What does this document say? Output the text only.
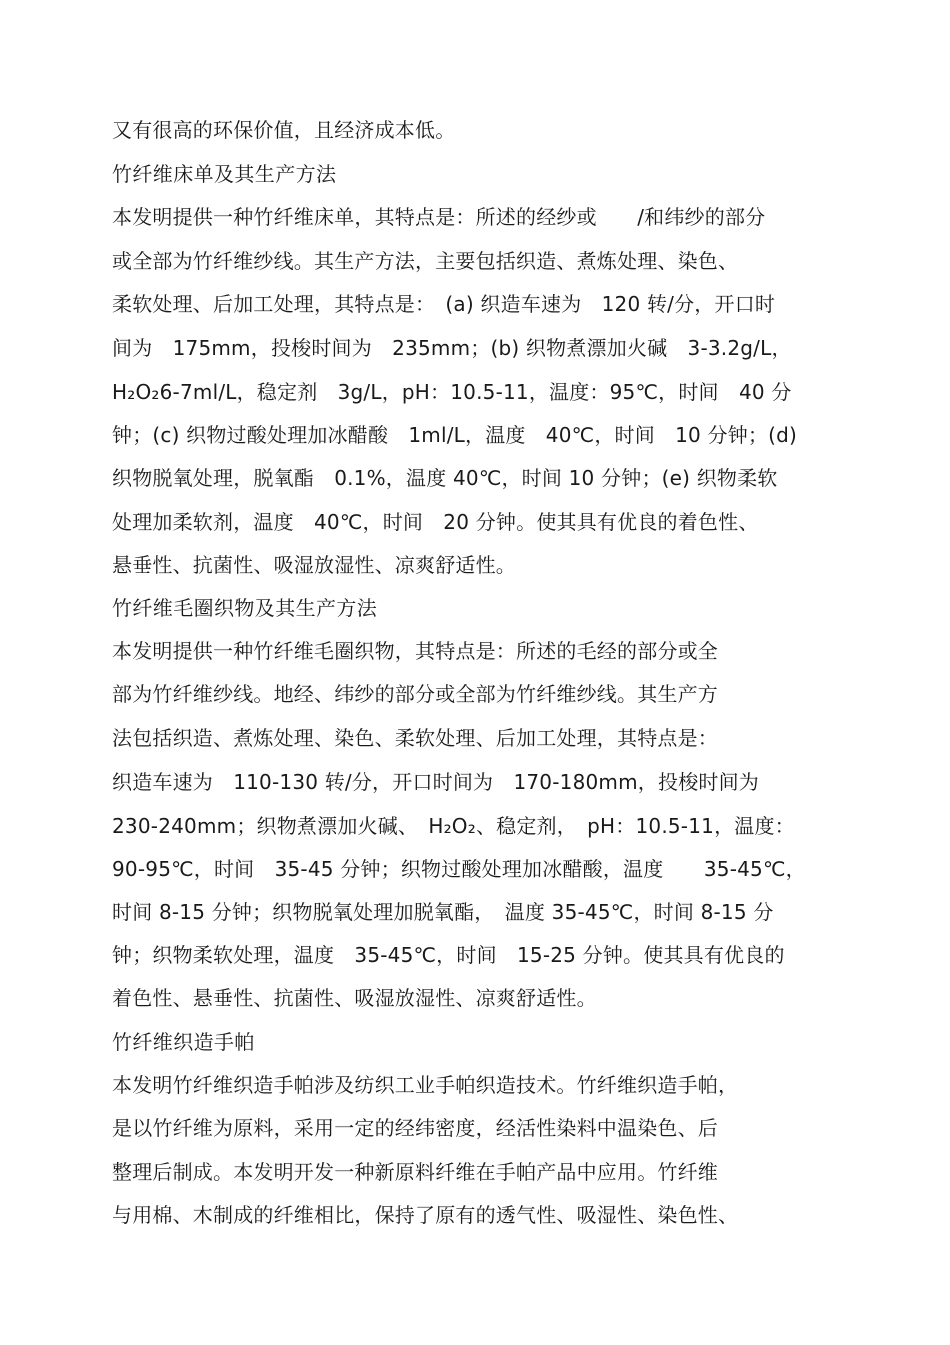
又有很高的环保价值，且经济成本低。
竹纤维床单及其生产方法
本发明提供一种竹纤维床单，其特点是：所述的经纱或　　/和纬纱的部分
或全部为竹纤维纱线。其生产方法，主要包括织造、煮炼处理、染色、
柔软处理、后加工处理，其特点是：　(a) 织造车速为　120 转/分，开口时
间为　175mm，投梭时间为　235mm；(b) 织物煮漂加火碱　3-3.2g/L，
H₂O₂6-7ml/L，稳定剂　3g/L，pH：10.5-11，温度：95℃，时间　40 分
钟；(c) 织物过酸处理加冰醋酸　1ml/L，温度　40℃，时间　10 分钟；(d)
织物脱氧处理，脱氧酯　0.1%，温度 40℃，时间 10 分钟；(e) 织物柔软
处理加柔软剂，温度　40℃，时间　20 分钟。使其具有优良的着色性、
悬垂性、抗菌性、吸湿放湿性、凉爽舒适性。
竹纤维毛圈织物及其生产方法
本发明提供一种竹纤维毛圈织物，其特点是：所述的毛经的部分或全
部为竹纤维纱线。地经、纬纱的部分或全部为竹纤维纱线。其生产方
法包括织造、煮炼处理、染色、柔软处理、后加工处理，其特点是：
织造车速为　110-130 转/分，开口时间为　170-180mm，投梭时间为
230-240mm；织物煮漂加火碱、　H₂O₂、稳定剂，　pH：10.5-11，温度：
90-95℃，时间　35-45 分钟；织物过酸处理加冰醋酸，温度　　35-45℃，
时间 8-15 分钟；织物脱氧处理加脱氧酯，　温度 35-45℃，时间 8-15 分
钟；织物柔软处理，温度　35-45℃，时间　15-25 分钟。使其具有优良的
着色性、悬垂性、抗菌性、吸湿放湿性、凉爽舒适性。
竹纤维织造手帕
本发明竹纤维织造手帕涉及纺织工业手帕织造技术。竹纤维织造手帕，
是以竹纤维为原料，采用一定的经纬密度，经活性染料中温染色、后
整理后制成。本发明开发一种新原料纤维在手帕产品中应用。竹纤维
与用棉、木制成的纤维相比，保持了原有的透气性、吸湿性、染色性、
